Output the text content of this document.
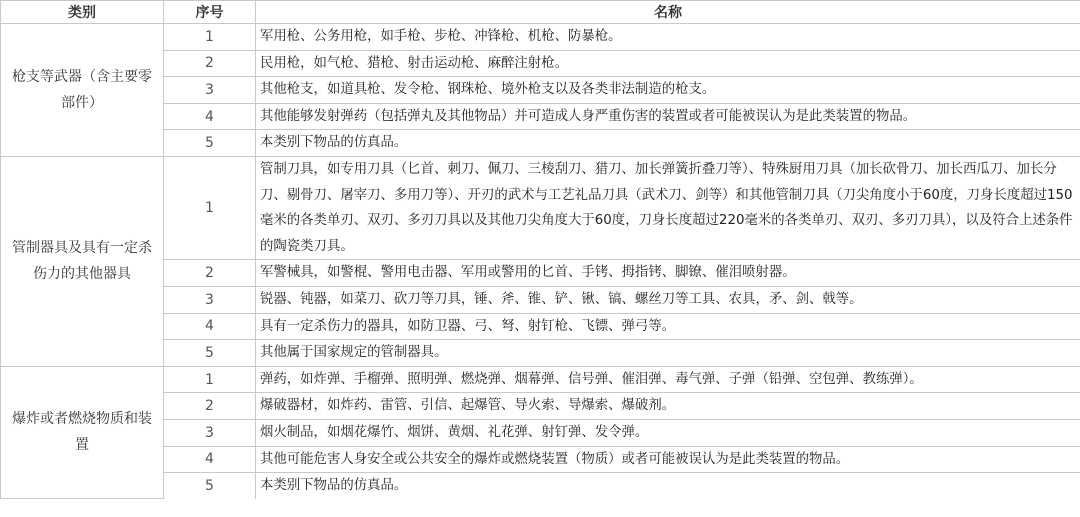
类别	序号	名称
枪支等武器（含主要零部件）	1	军用枪、公务用枪，如手枪、步枪、冲锋枪、机枪、防暴枪。
	2	民用枪，如气枪、猎枪、射击运动枪、麻醉注射枪。
	3	其他枪支，如道具枪、发令枪、钢珠枪、境外枪支以及各类非法制造的枪支。
	4	其他能够发射弹药（包括弹丸及其他物品）并可造成人身严重伤害的装置或者可能被误认为是此类装置的物品。
	5	本类别下物品的仿真品。
管制器具及具有一定杀伤力的其他器具	1	管制刀具，如专用刀具（匕首、刺刀、佩刀、三棱刮刀、猎刀、加长弹簧折叠刀等）、特殊厨用刀具（加长砍骨刀、加长西瓜刀、加长分刀、剔骨刀、屠宰刀、多用刀等）、开刃的武术与工艺礼品刀具（武术刀、剑等）和其他管制刀具（刀尖角度小于60度，刀身长度超过150毫米的各类单刃、双刃、多刃刀具以及其他刀尖角度大于60度，刀身长度超过220毫米的各类单刃、双刃、多刃刀具），以及符合上述条件的陶瓷类刀具。
	2	军警械具，如警棍、警用电击器、军用或警用的匕首、手铐、拇指铐、脚镣、催泪喷射器。
	3	锐器、钝器，如菜刀、砍刀等刀具，锤、斧、锥、铲、锹、镐、螺丝刀等工具、农具，矛、剑、戟等。
	4	具有一定杀伤力的器具，如防卫器、弓、弩、射钉枪、飞镖、弹弓等。
	5	其他属于国家规定的管制器具。
爆炸或者燃烧物质和装置	1	弹药，如炸弹、手榴弹、照明弹、燃烧弹、烟幕弹、信号弹、催泪弹、毒气弹、子弹（铅弹、空包弹、教练弹）。
	2	爆破器材，如炸药、雷管、引信、起爆管、导火索、导爆索、爆破剂。
	3	烟火制品，如烟花爆竹、烟饼、黄烟、礼花弹、射钉弹、发令弹。
	4	其他可能危害人身安全或公共安全的爆炸或燃烧装置（物质）或者可能被误认为是此类装置的物品。
	5	本类别下物品的仿真品。
